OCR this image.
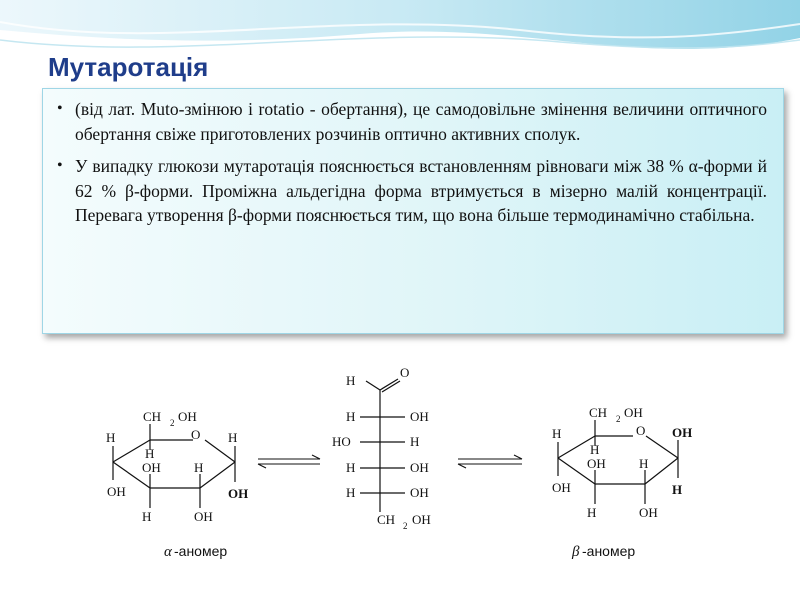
Мутаротація
• (від лат. Muto-змінюю і rotatio - обертання), це самодовільне змінення величини оптичного обертання свіже приготовлених розчинів оптично активних сполук.
• У випадку глюкози мутаротація пояснюється встановленням рівноваги між 38 % α-форми й 62 % β-форми. Проміжна альдегідна форма втримується в мізерно малій концентрації. Перевага утворення β-форми пояснюється тим, що вона більше термодинамічно стабільна.
CH 2 OH
O
H
H
H
OH	H
OH	OH
H	OH
α -аномер
H
O
H	OH
HO	H
H	OH
H	OH
CH 2 OH
CH 2 OH
O
H
H
OH
OH	H
OH	H
H	OH
β -аномер
